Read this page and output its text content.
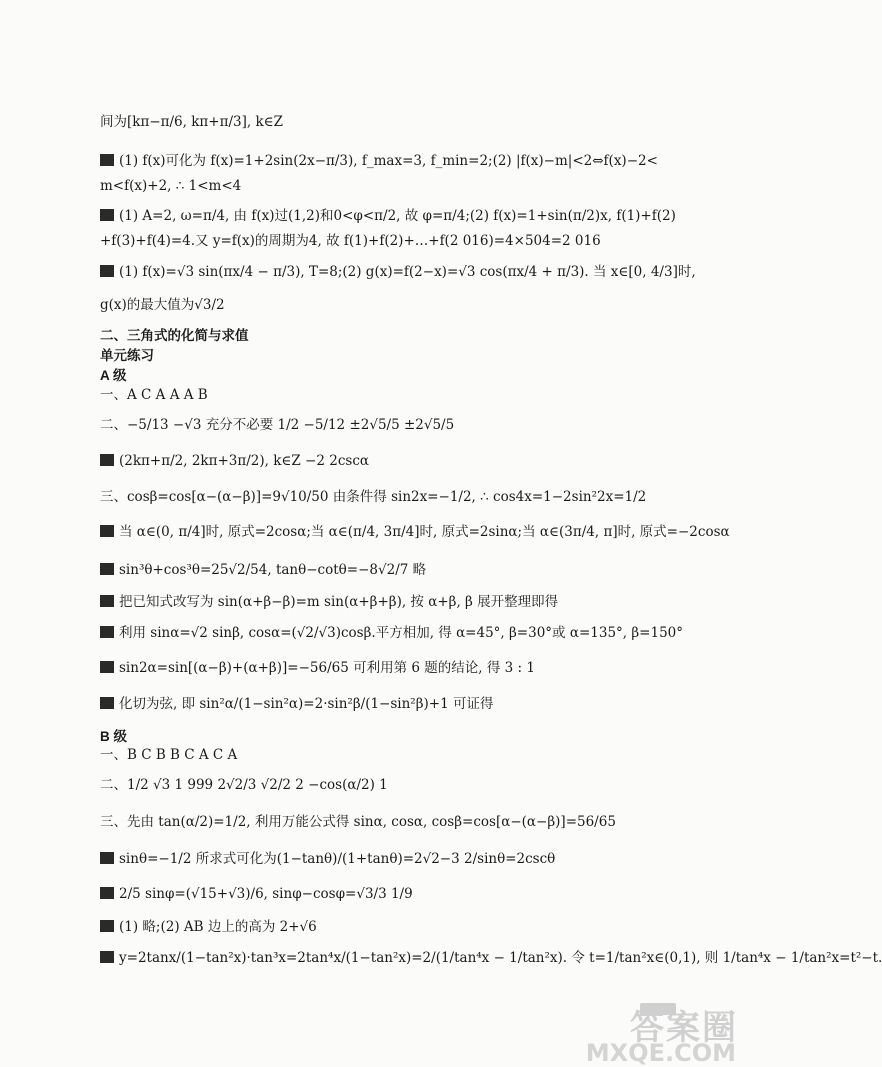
间为[kπ−π/6, kπ+π/3], k∈Z
(1) f(x)可化为 f(x)=1+2sin(2x−π/3), f_max=3, f_min=2;(2) |f(x)−m|<2⇔f(x)−2<
m<f(x)+2, ∴ 1<m<4
(1) A=2, ω=π/4, 由 f(x)过(1,2)和0<φ<π/2, 故 φ=π/4;(2) f(x)=1+sin(π/2)x, f(1)+f(2)
+f(3)+f(4)=4.又 y=f(x)的周期为4, 故 f(1)+f(2)+…+f(2 016)=4×504=2 016
(1) f(x)=√3 sin(πx/4 − π/3), T=8;(2) g(x)=f(2−x)=√3 cos(πx/4 + π/3). 当 x∈[0, 4/3]时,
g(x)的最大值为√3/2
二、三角式的化简与求值
单元练习
A 级
一、A C A A A B
二、−5/13 −√3 充分不必要 1/2 −5/12 ±2√5/5 ±2√5/5
(2kπ+π/2, 2kπ+3π/2), k∈Z −2 2cscα
三、cosβ=cos[α−(α−β)]=9√10/50 由条件得 sin2x=−1/2, ∴ cos4x=1−2sin²2x=1/2
当 α∈(0, π/4]时, 原式=2cosα;当 α∈(π/4, 3π/4]时, 原式=2sinα;当 α∈(3π/4, π]时, 原式=−2cosα
sin³θ+cos³θ=25√2/54, tanθ−cotθ=−8√2/7 略
把已知式改写为 sin(α+β−β)=m sin(α+β+β), 按 α+β, β 展开整理即得
利用 sinα=√2 sinβ, cosα=(√2/√3)cosβ.平方相加, 得 α=45°, β=30°或 α=135°, β=150°
sin2α=sin[(α−β)+(α+β)]=−56/65 可利用第 6 题的结论, 得 3 : 1
化切为弦, 即 sin²α/(1−sin²α)=2·sin²β/(1−sin²β)+1 可证得
B 级
一、B C B B C A C A
二、1/2 √3 1 999 2√2/3 √2/2 2 −cos(α/2) 1
三、先由 tan(α/2)=1/2, 利用万能公式得 sinα, cosα, cosβ=cos[α−(α−β)]=56/65
sinθ=−1/2 所求式可化为(1−tanθ)/(1+tanθ)=2√2−3 2/sinθ=2cscθ
2/5 sinφ=(√15+√3)/6, sinφ−cosφ=√3/3 1/9
(1) 略;(2) AB 边上的高为 2+√6
y=2tanx/(1−tan²x)·tan³x=2tan⁴x/(1−tan²x)=2/(1/tan⁴x − 1/tan²x). 令 t=1/tan²x∈(0,1), 则 1/tan⁴x − 1/tan²x=t²−t.
答案圈
MXQE.COM
